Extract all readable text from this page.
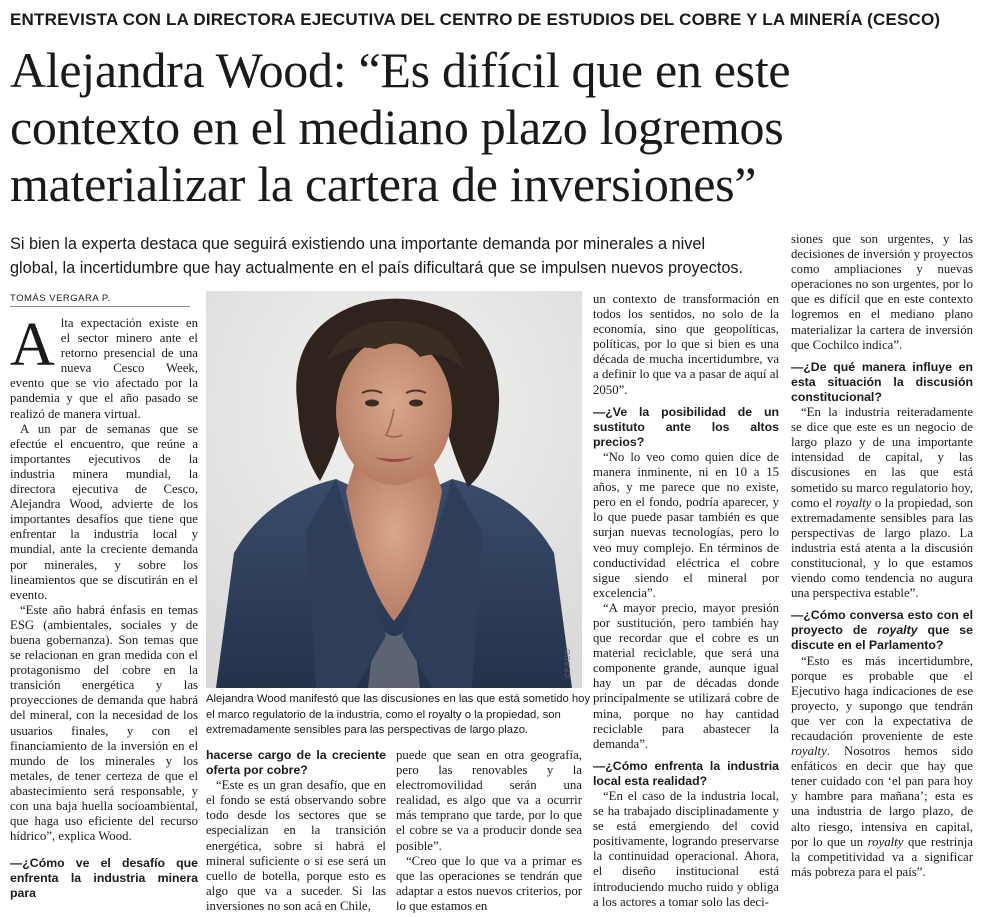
ENTREVISTA CON LA DIRECTORA EJECUTIVA DEL CENTRO DE ESTUDIOS DEL COBRE Y LA MINERÍA (CESCO)
Alejandra Wood: “Es difícil que en este
contexto en el mediano plazo logremos
materializar la cartera de inversiones”
Si bien la experta destaca que seguirá existiendo una importante demanda por minerales a nivel
global, la incertidumbre que hay actualmente en el país dificultará que se impulsen nuevos proyectos.
TOMÁS VERGARA P.
A lta expectación existe en el sector minero ante el retorno presencial de una nueva Cesco Week, evento que se vio afectado por la pandemia y que el año pasado se realizó de manera virtual.

A un par de semanas que se efectúe el encuentro, que reúne a importantes ejecutivos de la industria minera mundial, la directora ejecutiva de Cesco, Alejandra Wood, advierte de los importantes desafíos que tiene que enfrentar la industria local y mundial, ante la creciente demanda por minerales, y sobre los lineamientos que se discutirán en el evento.

“Este año habrá énfasis en temas ESG (ambientales, sociales y de buena gobernanza). Son temas que se relacionan en gran medida con el protagonismo del cobre en la transición energética y las proyecciones de demanda que habrá del mineral, con la necesidad de los usuarios finales, y con el financiamiento de la inversión en el mundo de los minerales y los metales, de tener certeza de que el abastecimiento será responsable, y con una baja huella socioambiental, que haga uso eficiente del recurso hídrico”, explica Wood.

—¿Cómo ve el desafío que enfrenta la industria minera para

CESCO
Alejandra Wood manifestó que las discusiones en las que está sometido hoy
el marco regulatorio de la industria, como el royalty o la propiedad, son
extremadamente sensibles para las perspectivas de largo plazo.

hacerse cargo de la creciente oferta por cobre?

“Este es un gran desafío, que en el fondo se está observando sobre todo desde los sectores que se especializan en la transición energética, sobre si habrá el mineral suficiente o si ese será un cuello de botella, porque esto es algo que va a suceder. Si las inversiones no son acá en Chile,

puede que sean en otra geografía, pero las renovables y la electromovilidad serán una realidad, es algo que va a ocurrir más temprano que tarde, por lo que el cobre se va a producir donde sea posible”.

“Creo que lo que va a primar es que las operaciones se tendrán que adaptar a estos nuevos criterios, por lo que estamos en

un contexto de transformación en todos los sentidos, no solo de la economía, sino que geopolíticas, políticas, por lo que si bien es una década de mucha incertidumbre, va a definir lo que va a pasar de aquí al 2050”.

—¿Ve la posibilidad de un sustituto ante los altos precios?

“No lo veo como quien dice de manera inminente, ni en 10 a 15 años, y me parece que no existe, pero en el fondo, podría aparecer, y lo que puede pasar también es que surjan nuevas tecnologías, pero lo veo muy complejo. En términos de conductividad eléctrica el cobre sigue siendo el mineral por excelencia”.

“A mayor precio, mayor presión por sustitución, pero también hay que recordar que el cobre es un material reciclable, que será una componente grande, aunque igual hay un par de décadas donde principalmente se utilizará cobre de mina, porque no hay cantidad reciclable para abastecer la demanda”.

—¿Cómo enfrenta la industria local esta realidad?

“En el caso de la industria local, se ha trabajado disciplinadamente y se está emergiendo del covid positivamente, logrando preservarse la continuidad operacional. Ahora, el diseño institucional está introduciendo mucho ruido y obliga a los actores a tomar solo las deci-

siones que son urgentes, y las decisiones de inversión y proyectos como ampliaciones y nuevas operaciones no son urgentes, por lo que es difícil que en este contexto logremos en el mediano plano materializar la cartera de inversión que Cochilco indica”.

—¿De qué manera influye en esta situación la discusión constitucional?

“En la industria reiteradamente se dice que este es un negocio de largo plazo y de una importante intensidad de capital, y las discusiones en las que está sometido su marco regulatorio hoy, como el royalty o la propiedad, son extremadamente sensibles para las perspectivas de largo plazo. La industria está atenta a la discusión constitucional, y lo que estamos viendo como tendencia no augura una perspectiva estable”.

—¿Cómo conversa esto con el proyecto de royalty que se discute en el Parlamento?

“Esto es más incertidumbre, porque es probable que el Ejecutivo haga indicaciones de ese proyecto, y supongo que tendrán que ver con la expectativa de recaudación proveniente de este royalty. Nosotros hemos sido enfáticos en decir que hay que tener cuidado con ‘el pan para hoy y hambre para mañana’; esta es una industria de largo plazo, de alto riesgo, intensiva en capital, por lo que un royalty que restrinja la competitividad va a significar más pobreza para el país”.
